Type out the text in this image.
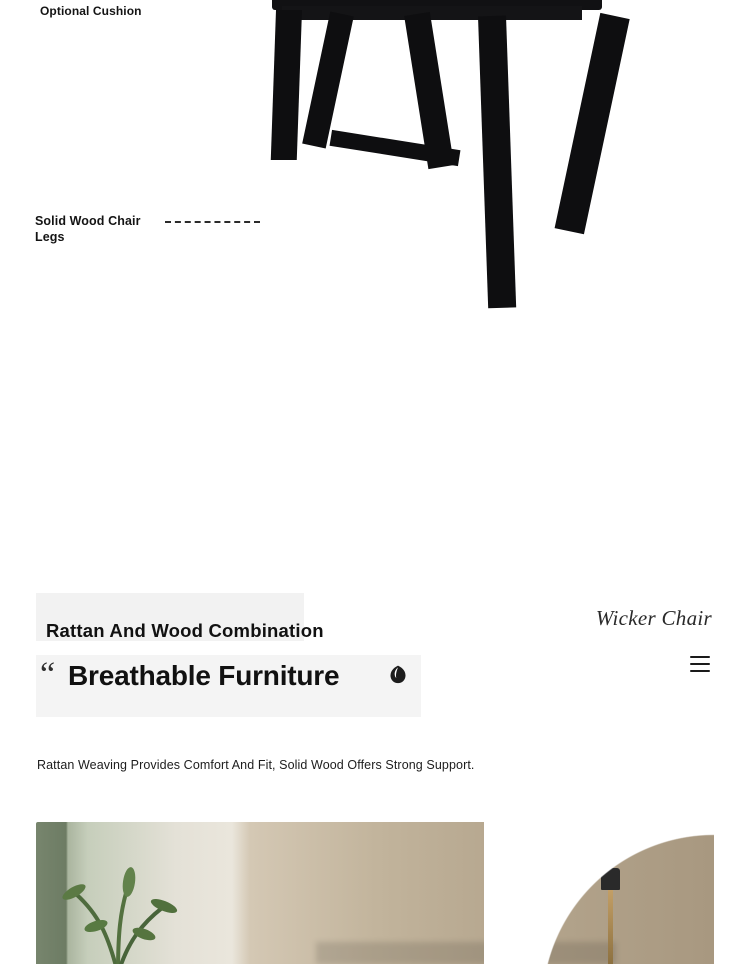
Optional Cushion
Solid Wood Chair Legs
Wicker Chair
Rattan And Wood Combination
“ Breathable Furniture
Rattan Weaving Provides Comfort And Fit, Solid Wood Offers Strong Support.
